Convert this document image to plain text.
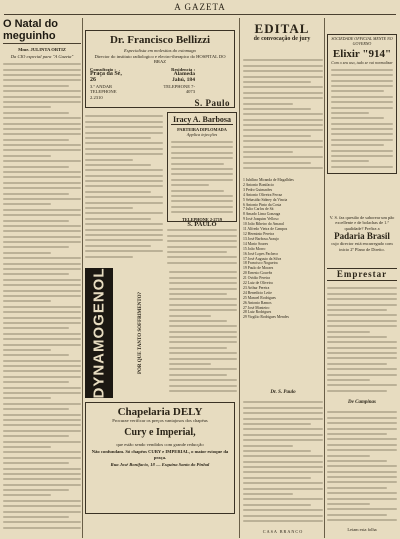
A GAZETA
O Natal do meguinho
Mme. JULINTA ORTIZ
Da CIO especial para "A Gazeta"
Dr. Francisco Bellizzi
Especialista em molestias do estomago
Director do instituto radiologico e electro-therapico do HOSPITAL DO BRAZ
Consultorio :
Praça da Sé, 26
3.º ANDAR
TELEPHONE 2.2310
Residencia :
Alameda Jahú, 184
TELEPHONE 7-4073
S. Paulo
Iracy A. Barbosa
PARTEIRA DIPLOMADA
Applica injecções
TELEPHONE 2-2719
S. PAULO
DYNAMOGENOL	POR QUE TANTO SOFFRIMENTO?
Chapelaria DELY
Procurae verificar os preços vantajosos dos chapéus
Cury e Imperial,
que estão sendo vendidos com grande reducção
Não confundam. Só chapéos CURY e IMPERIAL, o maior estoque da praça.
Rua José Bonifacio, 18 — Esquina Santo do Pinhal
EDITAL
de convocação de jury
1 Jubilino Miranda de Magalhães
2 Antonio Bonifacio
3 Pedro Guimarães
4 Antonio Oliveira Ferraz
5 Sebastião Sidney da Vincia
6 Antonio Pinto da Costa
7 Julio Carlos de Sá
8 Amado Lima Gonzaga
9 José Joaquim Velloso
10 João Ribeiro do Amaral
11 Alfredo Vieira de Campos
12 Herminio Pereira
13 José Barbosa Araujo
14 Mario Soares
15 João Morro
16 José Lopes Pacheco
17 José Augusto da Silva
18 Francisco Nogueira
19 Paulo de Moraes
20 Ernesto Gouvêa
21 Ovidio Pereira
22 Luiz de Oliveira
23 Arthur Pereira
24 Benedicto Leite
25 Manoel Rodrigues
26 Antonio Ramos
27 José Monteiro
28 Luiz Rodrigues
29 Virgilio Rodrigues Mendes
Dr. S. Paulo
CASA BRANCO
SOCIEDADE OFFICIAL MENTE NO GOVERNO
Elixir "914"
Com o seu uso, tudo se vai normalizar
V. S. faz questão de saborear um pão excellente e de bolachas de 1.ª qualidade? Prefira a
Padaria Brasil
cujo director está encarregado com inicio 2º Plano de Direito.
Emprestar
De Campinas
Leiam esta folha
